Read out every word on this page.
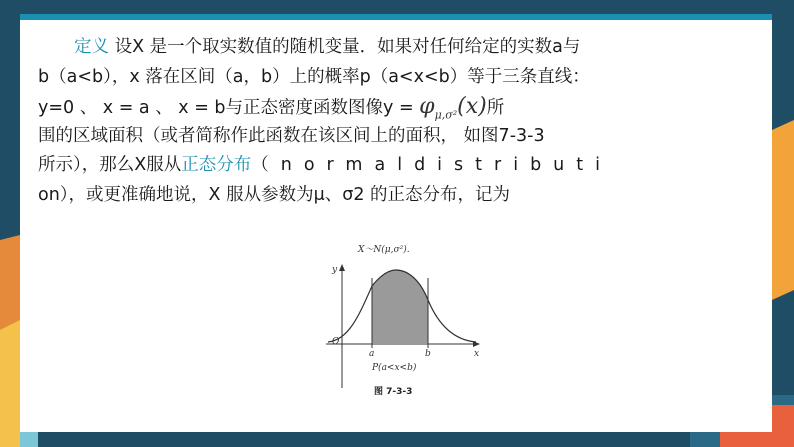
定义 设X 是一个取实数值的随机变量．如果对任何给定的实数a与
b（a<b），x 落在区间（a，b）上的概率p（a<x<b）等于三条直线：
y=0 、 x = a 、 x = b与正态密度函数图像$y = \varphi_{\mu,\sigma^2}(x)$所
围的区域面积（或者简称作此函数在该区间上的面积， 如图7-3-3
所示），那么X服从正态分布（normaldistributi
on），或更准确地说，X 服从参数为μ、σ2 的正态分布，记为
X～N(μ,σ²).
y
x
O
a	b
P(a<x<b)
图 7-3-3
